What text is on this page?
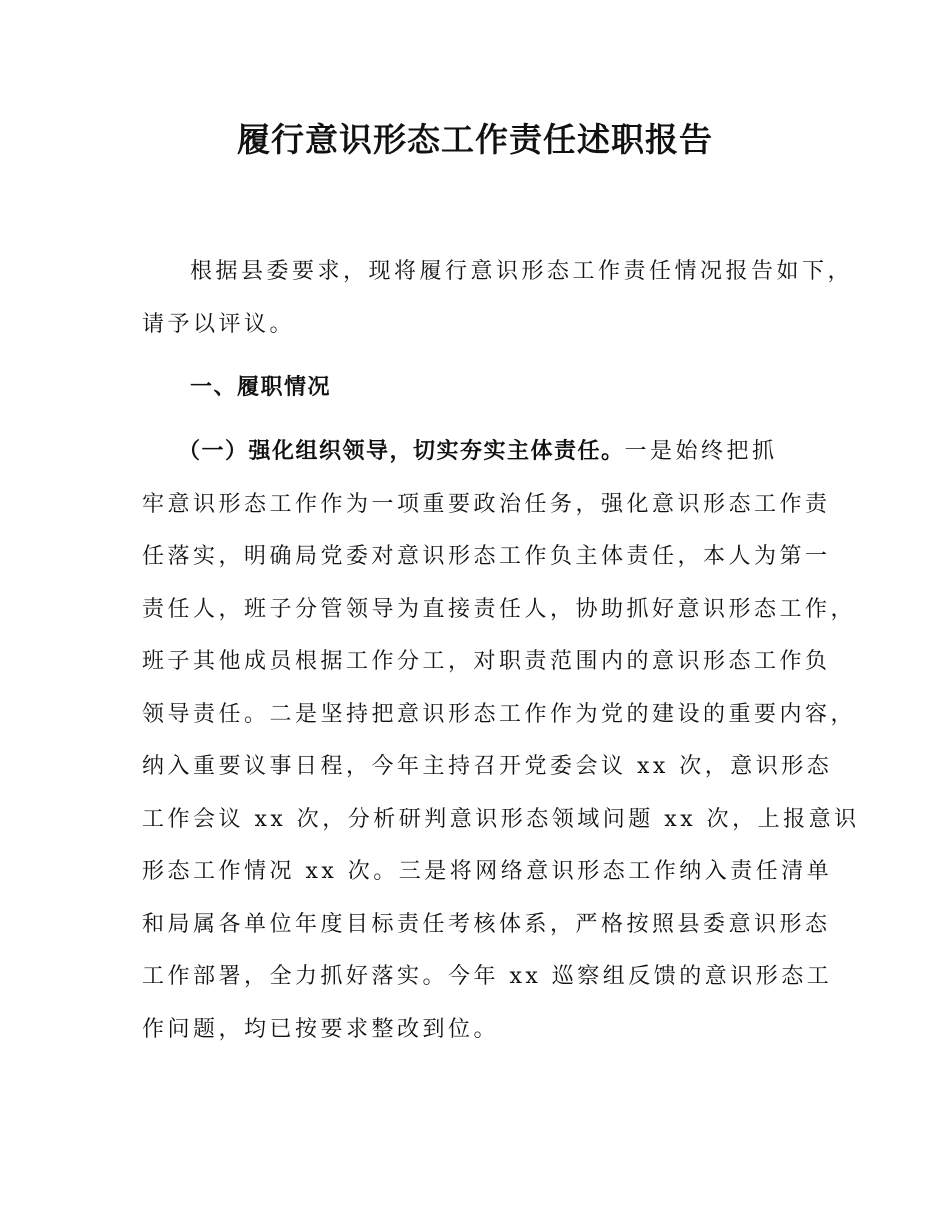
履行意识形态工作责任述职报告

根据县委要求，现将履行意识形态工作责任情况报告如下，
请予以评议。

一、履职情况

（一）强化组织领导，切实夯实主体责任。一是始终把抓
牢意识形态工作作为一项重要政治任务，强化意识形态工作责
任落实，明确局党委对意识形态工作负主体责任，本人为第一
责任人，班子分管领导为直接责任人，协助抓好意识形态工作，
班子其他成员根据工作分工，对职责范围内的意识形态工作负
领导责任。二是坚持把意识形态工作作为党的建设的重要内容，
纳入重要议事日程，今年主持召开党委会议 xx 次，意识形态
工作会议 xx 次，分析研判意识形态领域问题 xx 次，上报意识
形态工作情况 xx 次。三是将网络意识形态工作纳入责任清单
和局属各单位年度目标责任考核体系，严格按照县委意识形态
工作部署，全力抓好落实。今年 xx 巡察组反馈的意识形态工
作问题，均已按要求整改到位。
